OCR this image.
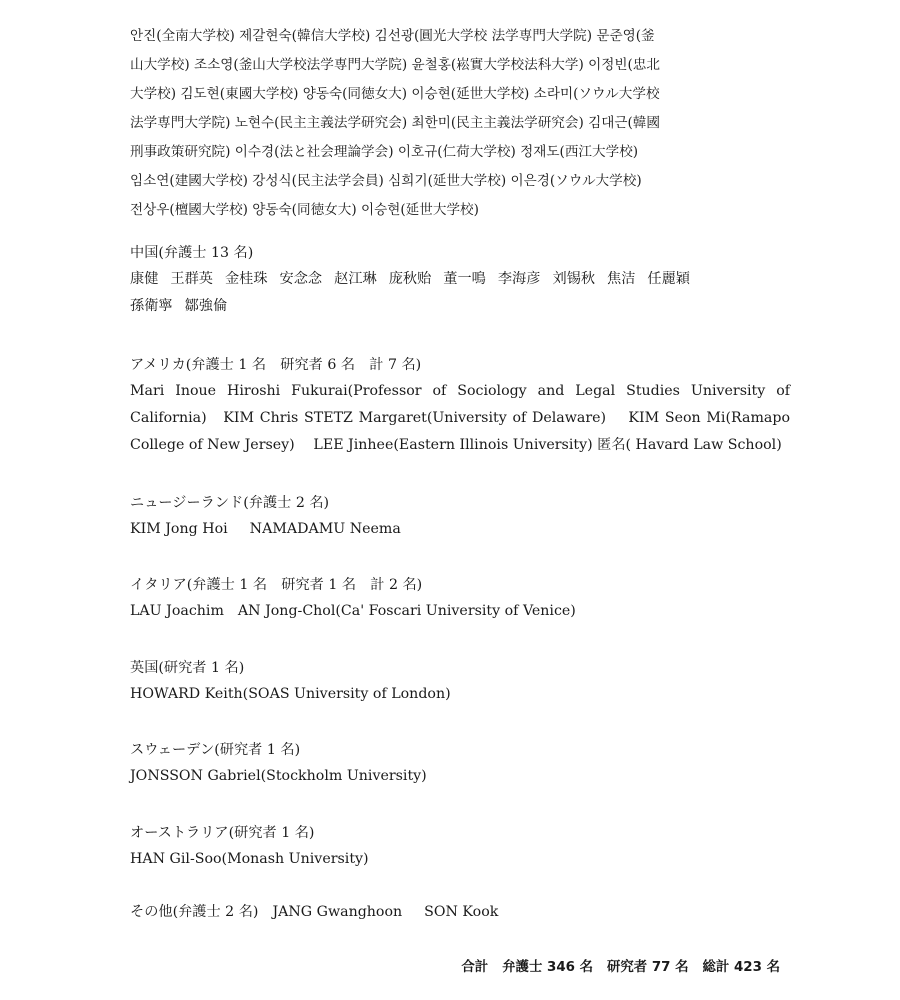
안진(全南大学校) 제갈현숙(韓信大学校) 김선광(圓光大学校 法学専門大学院) 문준영(釜
山大学校) 조소영(釜山大学校法学専門大学院) 윤철홍(崧實大学校法科大学) 이정빈(忠北
大学校) 김도현(東國大学校) 양동숙(同徳女大) 이승현(延世大学校) 소라미(ソウル大学校
法学専門大学院) 노현수(民主主義法学研究会) 최한미(民主主義法学研究会) 김대근(韓國
刑事政策研究院) 이수경(法と社会理論学会) 이호규(仁荷大学校) 정재도(西江大学校)
임소연(建國大学校) 강성식(民主法学会員) 심희기(延世大学校) 이은경(ソウル大学校)
전상우(檀國大学校) 양동숙(同徳女大) 이승현(延世大学校)
中国(弁護士 13 名)
康健 王群英 金桂珠 安念念 赵江琳 庞秋贻 董一鳴 李海彦 刘锡秋 焦洁 任麗穎
孫衛寧 鄒強倫
アメリカ(弁護士 1 名　研究者 6 名　計 7 名)
Mari Inoue Hiroshi Fukurai(Professor of Sociology and Legal Studies University of
California)　KIM Chris STETZ Margaret(University of Delaware)　 KIM Seon Mi(Ramapo
College of New Jersey)　 LEE Jinhee(Eastern Illinois University) 匿名( Havard Law School)
ニュージーランド(弁護士 2 名)
KIM Jong Hoi NAMADAMU Neema
イタリア(弁護士 1 名　研究者 1 名　計 2 名)
LAU Joachim AN Jong-Chol(Ca' Foscari University of Venice)
英国(研究者 1 名)
HOWARD Keith(SOAS University of London)
スウェーデン(研究者 1 名)
JONSSON Gabriel(Stockholm University)
オーストラリア(研究者 1 名)
HAN Gil-Soo(Monash University)
その他(弁護士 2 名) JANG Gwanghoon SON Kook
合計 弁護士 346 名 研究者 77 名 総計 423 名
